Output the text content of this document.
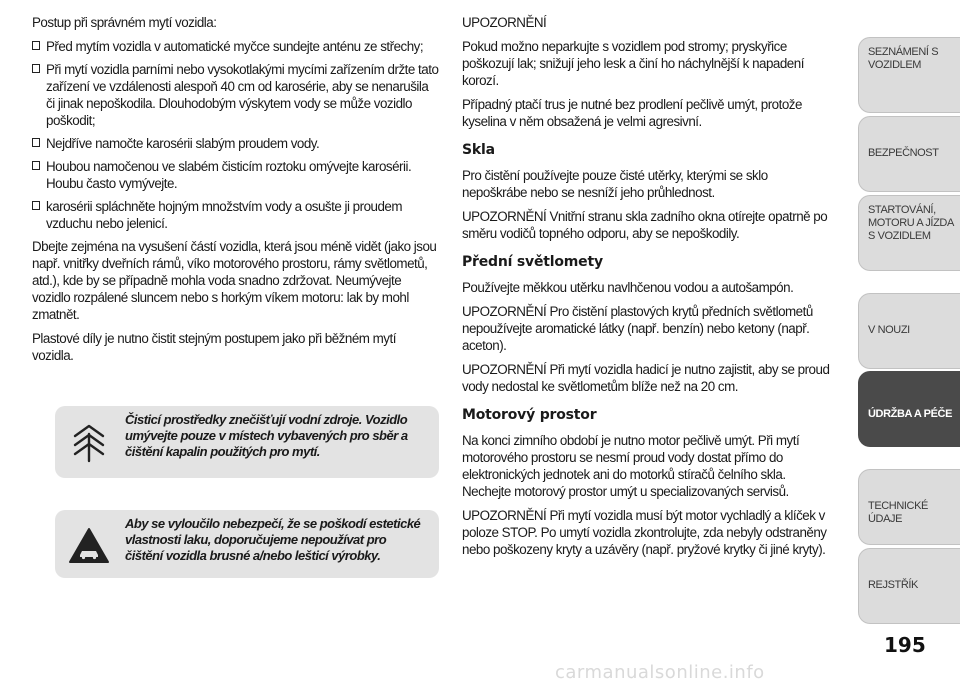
Postup při správném mytí vozidla:

Před mytím vozidla v automatické myčce sundejte anténu ze střechy;
Při mytí vozidla parními nebo vysokotlakými mycími zařízením držte tato zařízení ve vzdálenosti alespoň 40 cm od karosérie, aby se nenarušila či jinak nepoškodila. Dlouhodobým výskytem vody se může vozidlo poškodit;
Nejdříve namočte karosérii slabým proudem vody.
Houbou namočenou ve slabém čisticím roztoku omývejte karosérii. Houbu často vymývejte.
karosérii spláchněte hojným množstvím vody a osušte ji proudem vzduchu nebo jelenicí.

Dbejte zejména na vysušení částí vozidla, která jsou méně vidět (jako jsou např. vnitřky dveřních rámů, víko motorového prostoru, rámy světlometů, atd.), kde by se případně mohla voda snadno zdržovat. Neumývejte vozidlo rozpálené sluncem nebo s horkým víkem motoru: lak by mohl zmatnět.

Plastové díly je nutno čistit stejným postupem jako při běžném mytí vozidla.

Čisticí prostředky znečišťují vodní zdroje. Vozidlo umývejte pouze v místech vybavených pro sběr a čištění kapalin použitých pro mytí.
Aby se vyloučilo nebezpečí, že se poškodí estetické vlastnosti laku, doporučujeme nepoužívat pro čištění vozidla brusné a/nebo lešticí výrobky.

UPOZORNĚNÍ

Pokud možno neparkujte s vozidlem pod stromy; pryskyřice poškozují lak; snižují jeho lesk a činí ho náchylnější k napadení korozí.

Případný ptačí trus je nutné bez prodlení pečlivě umýt, protože kyselina v něm obsažená je velmi agresivní.

Skla

Pro čistění používejte pouze čisté utěrky, kterými se sklo nepoškrábe nebo se nesníží jeho průhlednost.

UPOZORNĚNÍ Vnitřní stranu skla zadního okna otírejte opatrně po směru vodičů topného odporu, aby se nepoškodily.

Přední světlomety

Používejte měkkou utěrku navlhčenou vodou a autošampón.

UPOZORNĚNÍ Pro čistění plastových krytů předních světlometů nepoužívejte aromatické látky (např. benzín) nebo ketony (např. aceton).

UPOZORNĚNÍ Při mytí vozidla hadicí je nutno zajistit, aby se proud vody nedostal ke světlometům blíže než na 20 cm.

Motorový prostor

Na konci zimního období je nutno motor pečlivě umýt. Při mytí motorového prostoru se nesmí proud vody dostat přímo do elektronických jednotek ani do motorků stíračů čelního skla. Nechejte motorový prostor umýt u specializovaných servisů.

UPOZORNĚNÍ Při mytí vozidla musí být motor vychladlý a klíček v poloze STOP. Po umytí vozidla zkontrolujte, zda nebyly odstraněny nebo poškozeny kryty a uzávěry (např. pryžové krytky či jiné kryty).

SEZNÁMENÍ S VOZIDLEM
BEZPEČNOST
STARTOVÁNÍ, MOTORU A JÍZDA S VOZIDLEM
V NOUZI
ÚDRŽBA A PÉČE
TECHNICKÉ ÚDAJE
REJSTŘÍK
195
carmanualsonline.info
